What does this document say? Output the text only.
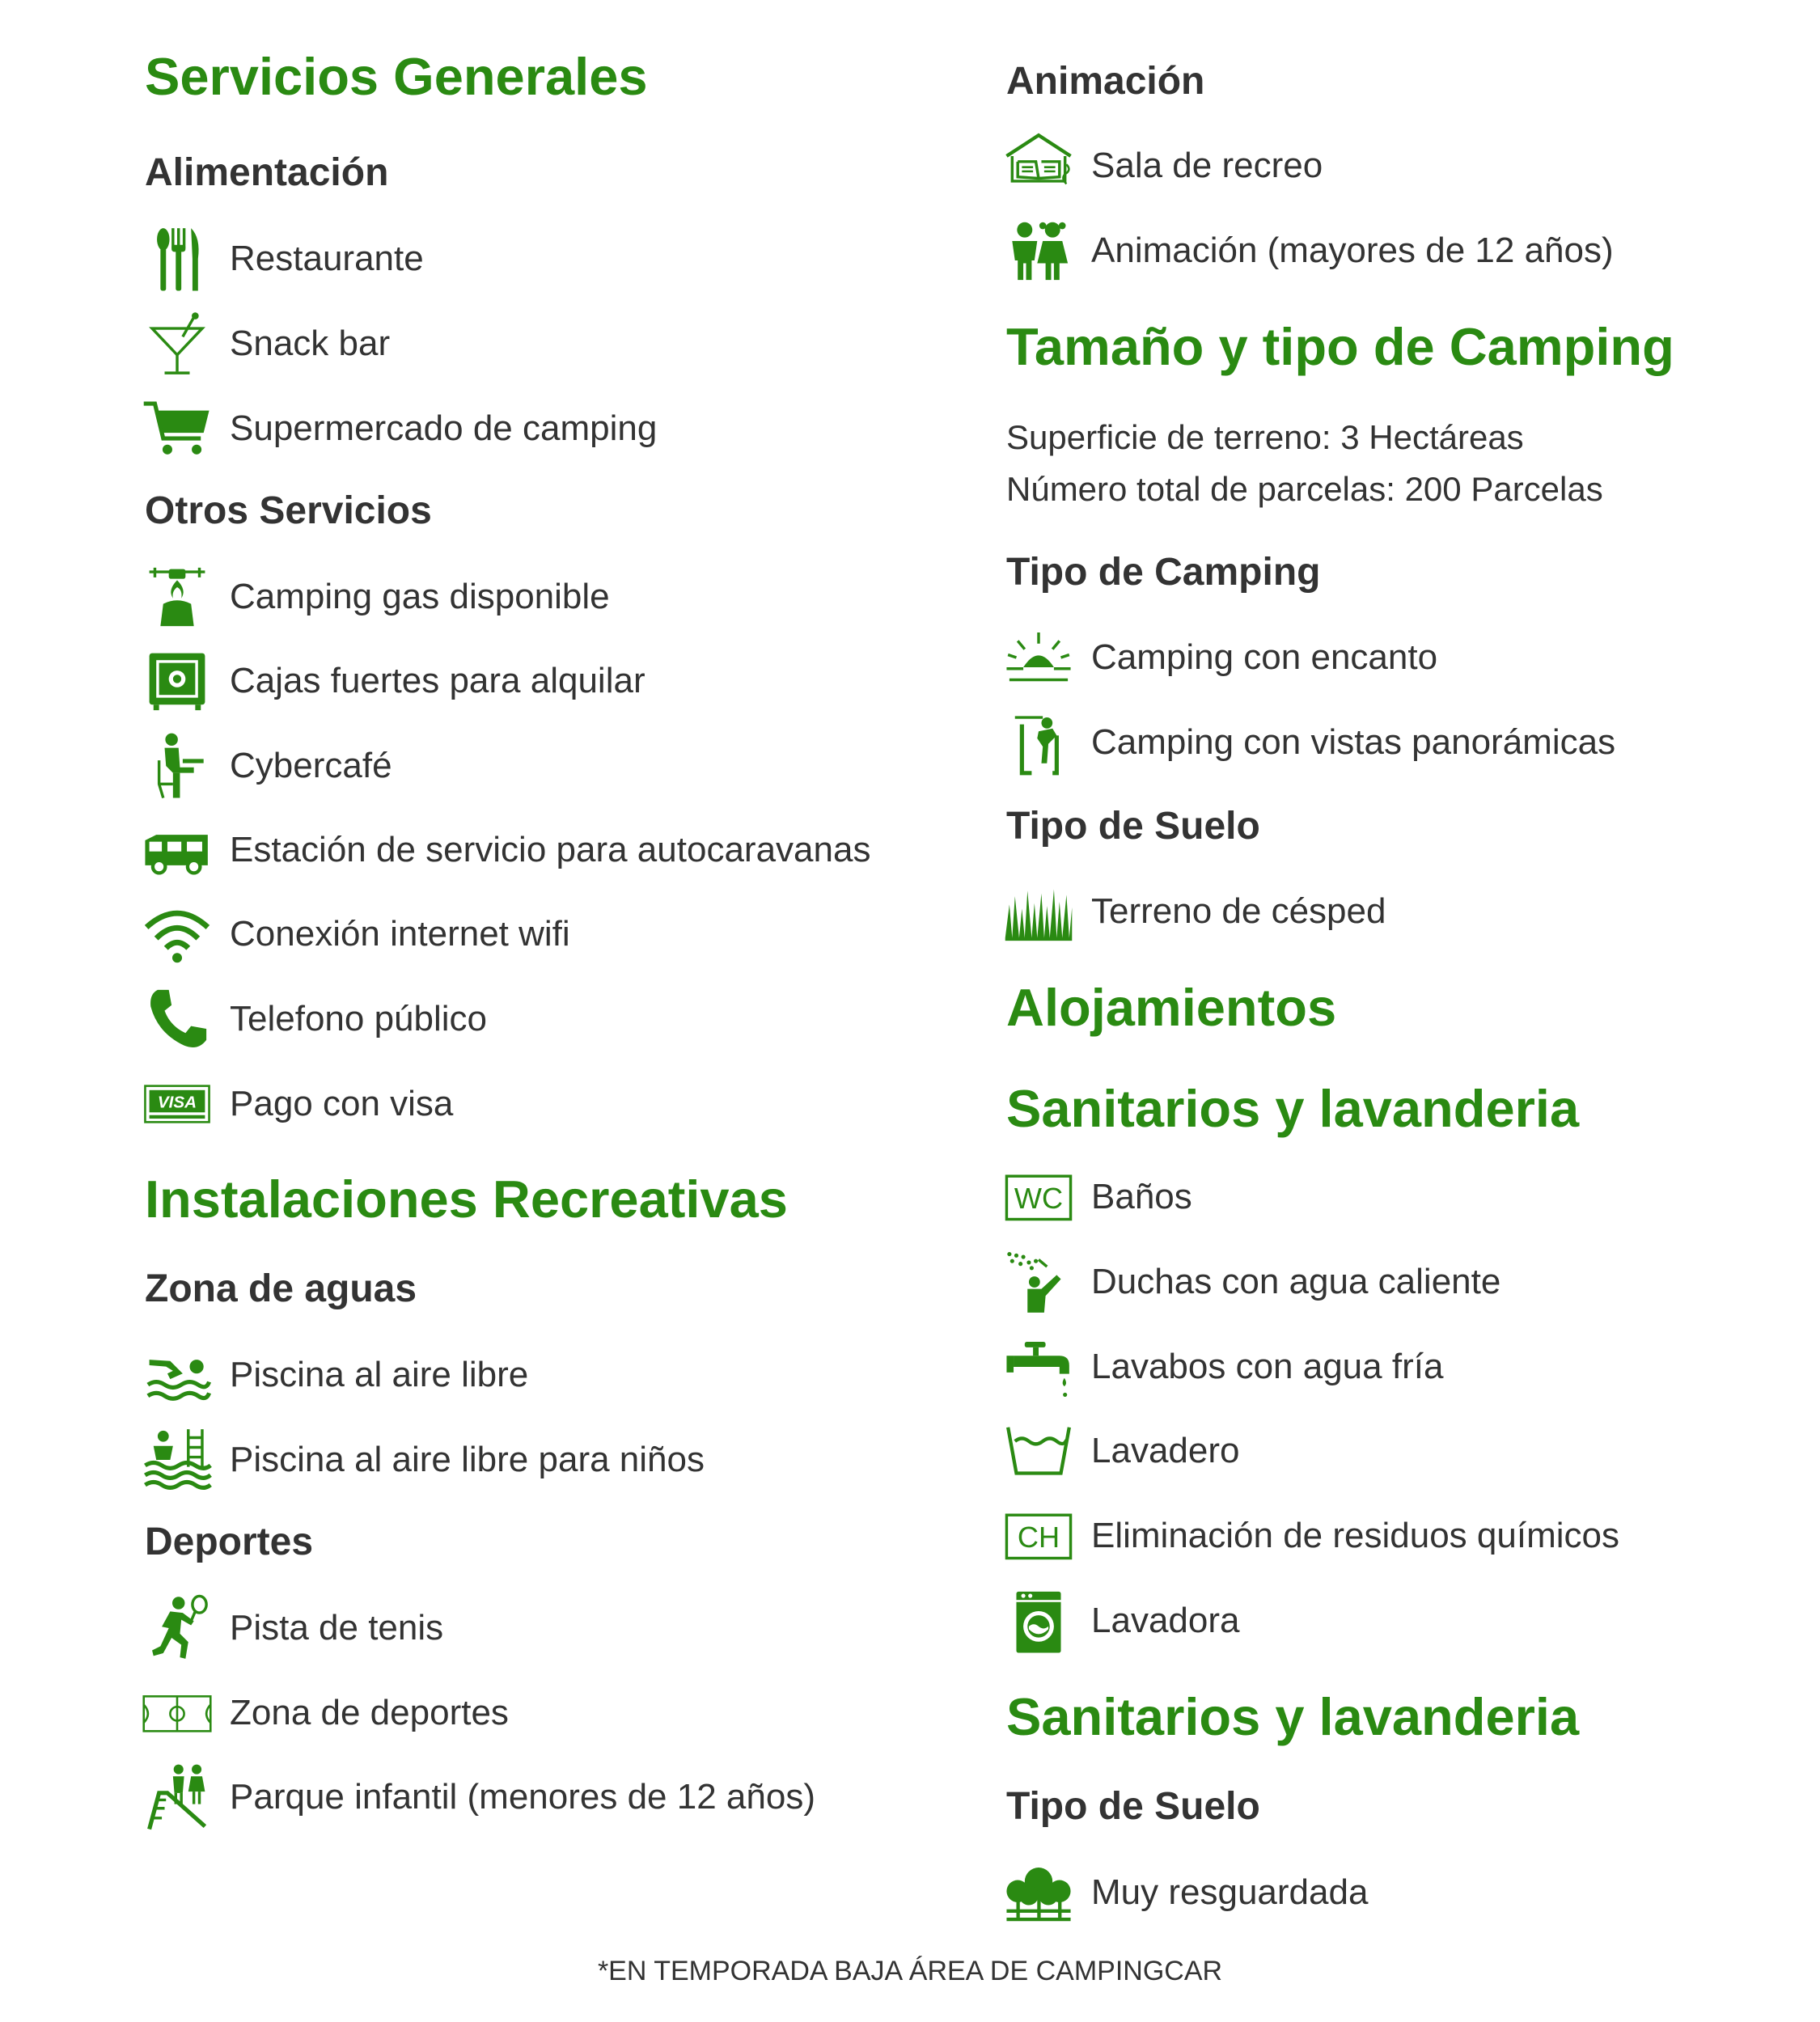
Servicios Generales
Alimentación
Restaurante
Snack bar
Supermercado de camping
Otros Servicios
Camping gas disponible
Cajas fuertes para alquilar
Cybercafé
Estación de servicio para autocaravanas
Conexión internet wifi
Telefono público
VISA Pago con visa
Instalaciones Recreativas
Zona de aguas
Piscina al aire libre
Piscina al aire libre para niños
Deportes
Pista de tenis
Zona de deportes
Parque infantil (menores de 12 años)
Animación
Sala de recreo
Animación (mayores de 12 años)
Tamaño y tipo de Camping
Superficie de terreno: 3 Hectáreas
Número total de parcelas: 200 Parcelas
Tipo de Camping
Camping con encanto
Camping con vistas panorámicas
Tipo de Suelo
Terreno de césped
Alojamientos
Sanitarios y lavanderia
WC Baños
Duchas con agua caliente
Lavabos con agua fría
Lavadero
CH Eliminación de residuos químicos
Lavadora
Sanitarios y lavanderia
Tipo de Suelo
Muy resguardada
*EN TEMPORADA BAJA ÁREA DE CAMPINGCAR
